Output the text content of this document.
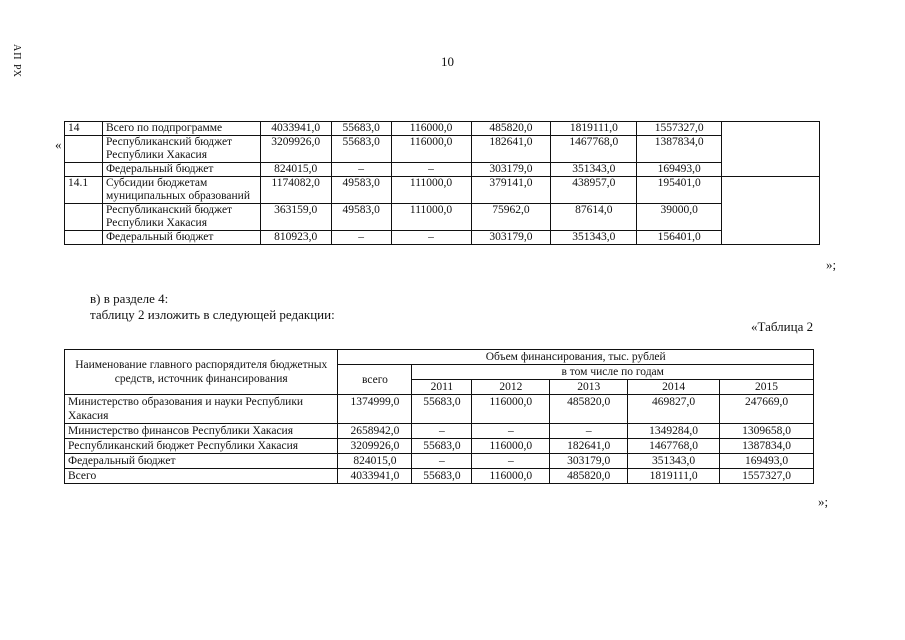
АП РХ	10
«
14	Всего по подпрограмме	4033941,0	55683,0	116000,0	485820,0	1819111,0	1557327,0	
	Республиканский бюджет Республики Хакасия	3209926,0	55683,0	116000,0	182641,0	1467768,0	1387834,0	
	Федеральный бюджет	824015,0	–	–	303179,0	351343,0	169493,0	
14.1	Субсидии бюджетам муниципальных образований	1174082,0	49583,0	111000,0	379141,0	438957,0	195401,0	
	Республиканский бюджет Республики Хакасия	363159,0	49583,0	111000,0	75962,0	87614,0	39000,0	
	Федеральный бюджет	810923,0	–	–	303179,0	351343,0	156401,0	
»;
в) в разделе 4:
таблицу 2 изложить в следующей редакции:
«Таблица 2
Наименование главного распорядителя бюджетных средств, источник финансирования	Объем финансирования, тыс. рублей					
	всего	в том числе по годам				
		2011	2012	2013	2014	2015
Министерство образования и науки Республики Хакасия	1374999,0	55683,0	116000,0	485820,0	469827,0	247669,0
Министерство финансов Республики Хакасия	2658942,0	–	–	–	1349284,0	1309658,0
Республиканский бюджет Республики Хакасия	3209926,0	55683,0	116000,0	182641,0	1467768,0	1387834,0
Федеральный бюджет	824015,0	–	–	303179,0	351343,0	169493,0
Всего	4033941,0	55683,0	116000,0	485820,0	1819111,0	1557327,0
»;
